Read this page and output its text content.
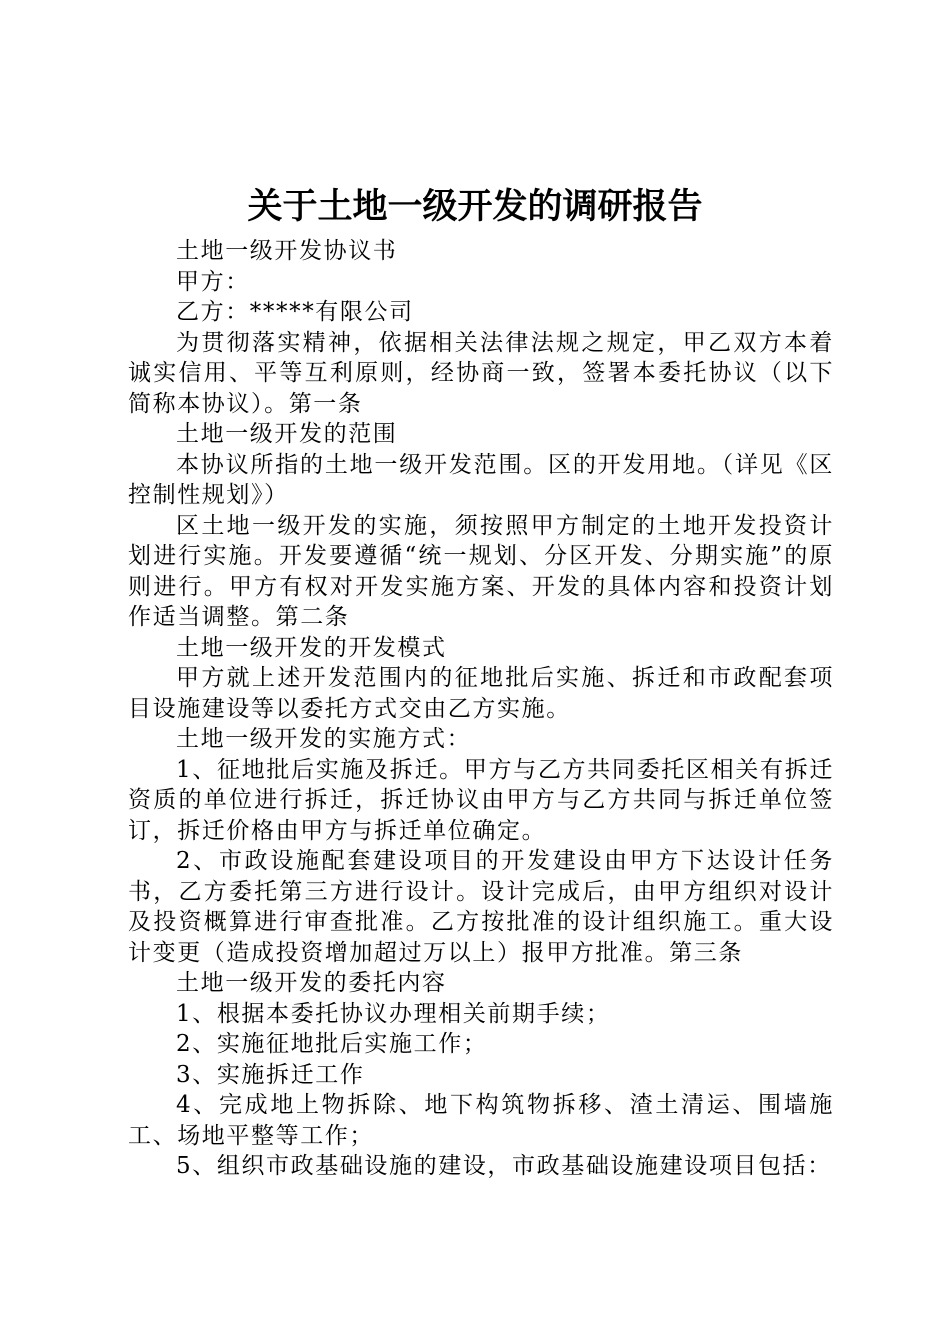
关于土地一级开发的调研报告

土地一级开发协议书

甲方：

乙方：*****有限公司

为贯彻落实精神，依据相关法律法规之规定，甲乙双方本着诚实信用、平等互利原则，经协商一致，签署本委托协议（以下简称本协议）。第一条

土地一级开发的范围

本协议所指的土地一级开发范围。区的开发用地。（详见《区控制性规划》）

区土地一级开发的实施，须按照甲方制定的土地开发投资计划进行实施。开发要遵循“统一规划、分区开发、分期实施”的原则进行。甲方有权对开发实施方案、开发的具体内容和投资计划作适当调整。第二条

土地一级开发的开发模式

甲方就上述开发范围内的征地批后实施、拆迁和市政配套项目设施建设等以委托方式交由乙方实施。

土地一级开发的实施方式：

1、征地批后实施及拆迁。甲方与乙方共同委托区相关有拆迁资质的单位进行拆迁，拆迁协议由甲方与乙方共同与拆迁单位签订，拆迁价格由甲方与拆迁单位确定。

2、市政设施配套建设项目的开发建设由甲方下达设计任务书，乙方委托第三方进行设计。设计完成后，由甲方组织对设计及投资概算进行审查批准。乙方按批准的设计组织施工。重大设计变更（造成投资增加超过万以上）报甲方批准。第三条

土地一级开发的委托内容

1、根据本委托协议办理相关前期手续；

2、实施征地批后实施工作；

3、实施拆迁工作

4、完成地上物拆除、地下构筑物拆移、渣土清运、围墙施工、场地平整等工作；

5、组织市政基础设施的建设，市政基础设施建设项目包括：
